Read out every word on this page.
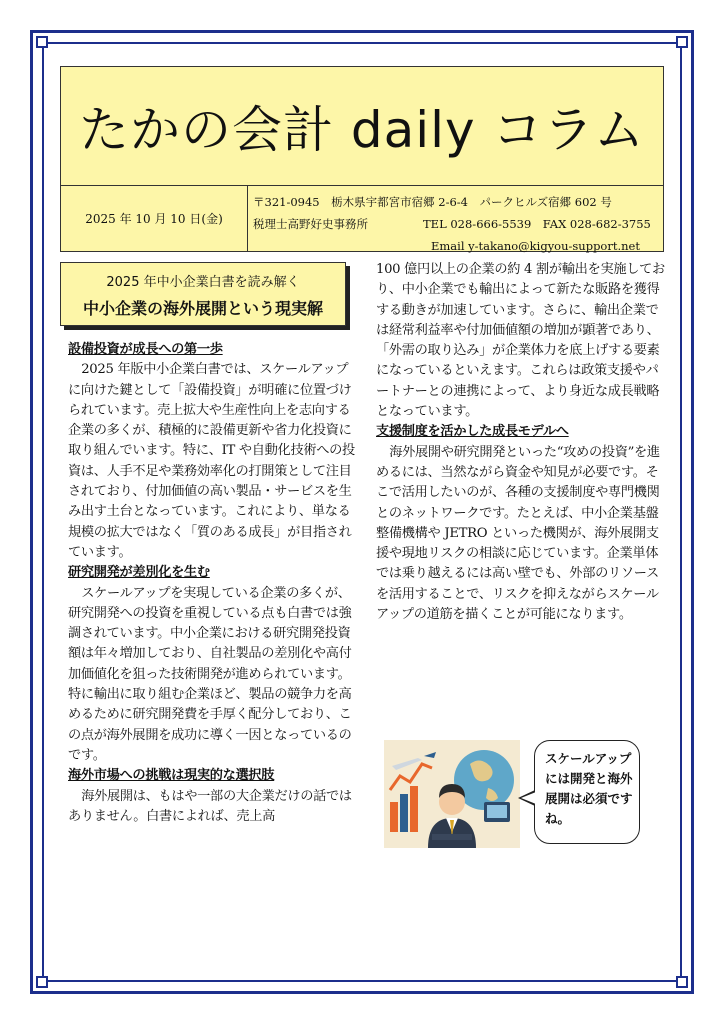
たかの会計 daily コラム
2025 年 10 月 10 日(金)
〒321-0945　栃木県宇都宮市宿郷 2-6-4　パークヒルズ宿郷 602 号
税理士高野好史事務所	TEL 028-666-5539　FAX 028-682-3755
Email y-takano@kigyou-support.net
2025 年中小企業白書を読み解く
中小企業の海外展開という現実解
設備投資が成長への第一歩

2025 年版中小企業白書では、スケールアップに向けた鍵として「設備投資」が明確に位置づけられています。売上拡大や生産性向上を志向する企業の多くが、積極的に設備更新や省力化投資に取り組んでいます。特に、IT や自動化技術への投資は、人手不足や業務効率化の打開策として注目されており、付加価値の高い製品・サービスを生み出す土台となっています。これにより、単なる規模の拡大ではなく「質のある成長」が目指されています。

研究開発が差別化を生む

スケールアップを実現している企業の多くが、研究開発への投資を重視している点も白書では強調されています。中小企業における研究開発投資額は年々増加しており、自社製品の差別化や高付加価値化を狙った技術開発が進められています。特に輸出に取り組む企業ほど、製品の競争力を高めるために研究開発費を手厚く配分しており、この点が海外展開を成功に導く一因となっているのです。

海外市場への挑戦は現実的な選択肢

海外展開は、もはや一部の大企業だけの話ではありません。白書によれば、売上高

100 億円以上の企業の約 4 割が輸出を実施しており、中小企業でも輸出によって新たな販路を獲得する動きが加速しています。さらに、輸出企業では経常利益率や付加価値額の増加が顕著であり、「外需の取り込み」が企業体力を底上げする要素になっているといえます。これらは政策支援やパートナーとの連携によって、より身近な成長戦略となっています。

支援制度を活かした成長モデルへ

海外展開や研究開発といった“攻めの投資”を進めるには、当然ながら資金や知見が必要です。そこで活用したいのが、各種の支援制度や専門機関とのネットワークです。たとえば、中小企業基盤整備機構や JETRO といった機関が、海外展開支援や現地リスクの相談に応じています。企業単体では乗り越えるには高い壁でも、外部のリソースを活用することで、リスクを抑えながらスケールアップの道筋を描くことが可能になります。

スケールアップには開発と海外展開は必須ですね。
